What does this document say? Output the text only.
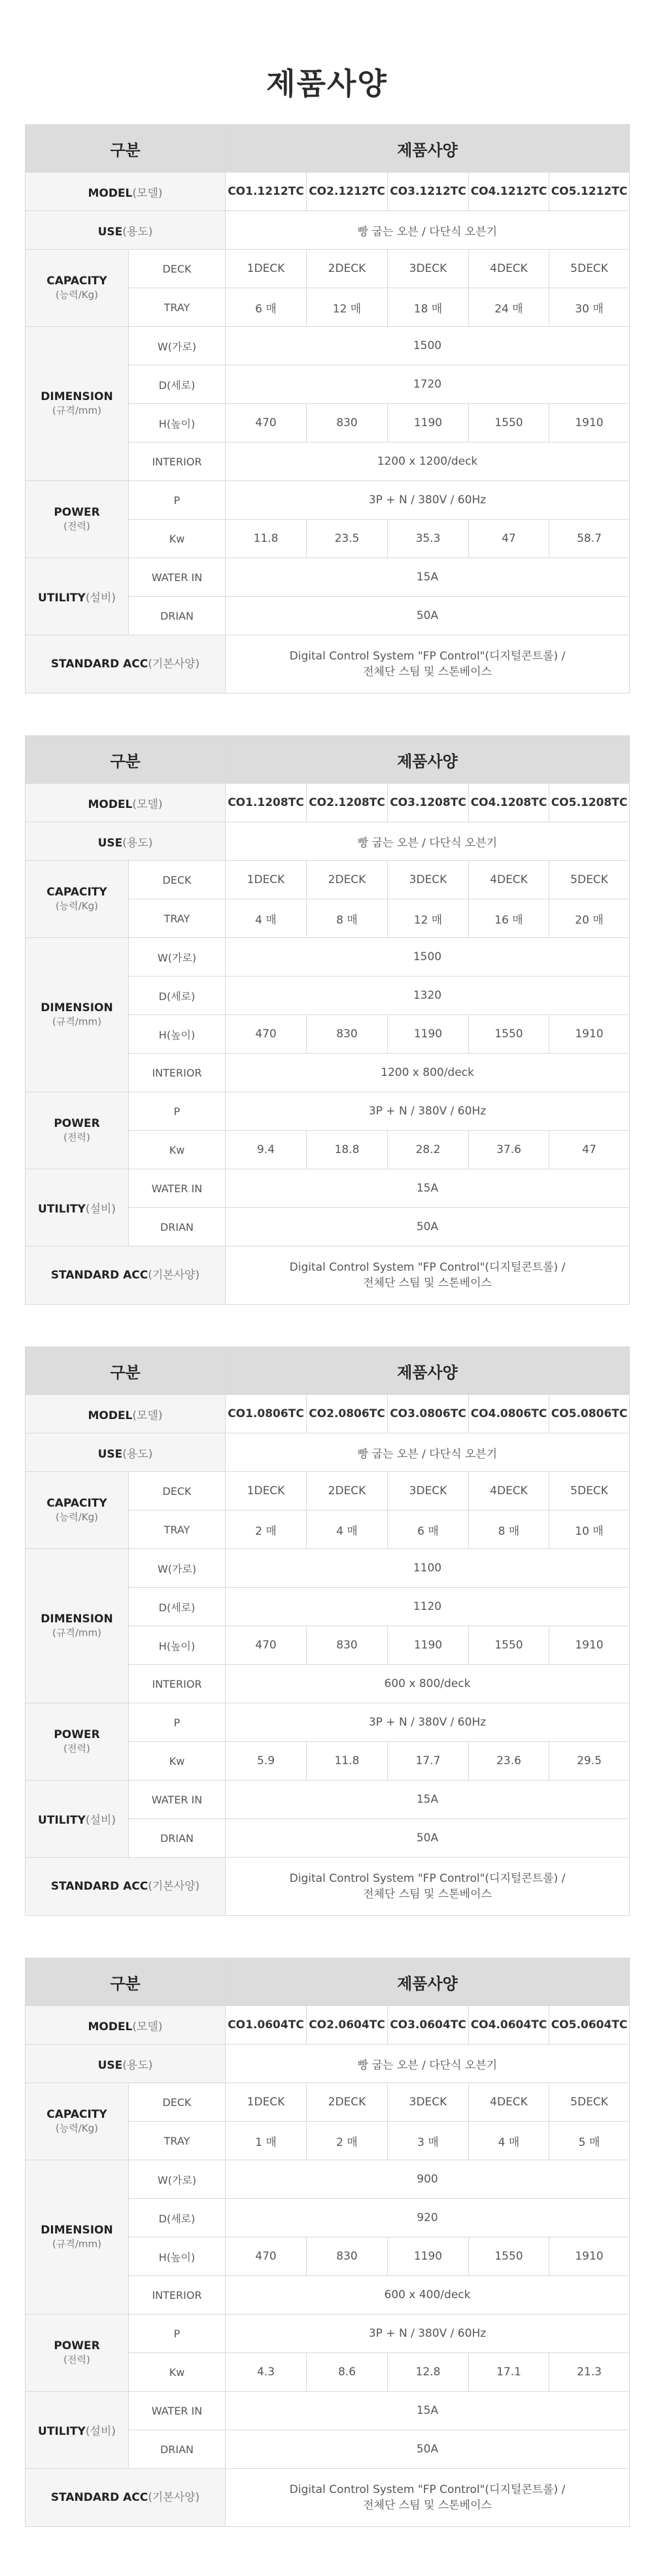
제품사양
구분		제품사양				
MODEL(모델)		CO1.1212TC	CO2.1212TC	CO3.1212TC	CO4.1212TC	CO5.1212TC
USE(용도)		빵 굽는 오븐 / 다단식 오븐기				
CAPACITY
(능력/Kg)	DECK	1DECK	2DECK	3DECK	4DECK	5DECK
	TRAY	6 매	12 매	18 매	24 매	30 매
DIMENSION
(규격/mm)	W(가로)	1500				
	D(세로)	1720				
	H(높이)	470	830	1190	1550	1910
	INTERIOR	1200 x 1200/deck				
POWER
(전력)	P	3P + N / 380V / 60Hz				
	Kw	11.8	23.5	35.3	47	58.7
UTILITY(설비)	WATER IN	15A				
	DRIAN	50A				
STANDARD ACC(기본사양)		Digital Control System "FP Control"(디지털콘트롤) /
전체단 스팀 및 스톤베이스				
구분		제품사양				
MODEL(모델)		CO1.1208TC	CO2.1208TC	CO3.1208TC	CO4.1208TC	CO5.1208TC
USE(용도)		빵 굽는 오븐 / 다단식 오븐기				
CAPACITY
(능력/Kg)	DECK	1DECK	2DECK	3DECK	4DECK	5DECK
	TRAY	4 매	8 매	12 매	16 매	20 매
DIMENSION
(규격/mm)	W(가로)	1500				
	D(세로)	1320				
	H(높이)	470	830	1190	1550	1910
	INTERIOR	1200 x 800/deck				
POWER
(전력)	P	3P + N / 380V / 60Hz				
	Kw	9.4	18.8	28.2	37.6	47
UTILITY(설비)	WATER IN	15A				
	DRIAN	50A				
STANDARD ACC(기본사양)		Digital Control System "FP Control"(디지털콘트롤) /
전체단 스팀 및 스톤베이스				
구분		제품사양				
MODEL(모델)		CO1.0806TC	CO2.0806TC	CO3.0806TC	CO4.0806TC	CO5.0806TC
USE(용도)		빵 굽는 오븐 / 다단식 오븐기				
CAPACITY
(능력/Kg)	DECK	1DECK	2DECK	3DECK	4DECK	5DECK
	TRAY	2 매	4 매	6 매	8 매	10 매
DIMENSION
(규격/mm)	W(가로)	1100				
	D(세로)	1120				
	H(높이)	470	830	1190	1550	1910
	INTERIOR	600 x 800/deck				
POWER
(전력)	P	3P + N / 380V / 60Hz				
	Kw	5.9	11.8	17.7	23.6	29.5
UTILITY(설비)	WATER IN	15A				
	DRIAN	50A				
STANDARD ACC(기본사양)		Digital Control System "FP Control"(디지털콘트롤) /
전체단 스팀 및 스톤베이스				
구분		제품사양				
MODEL(모델)		CO1.0604TC	CO2.0604TC	CO3.0604TC	CO4.0604TC	CO5.0604TC
USE(용도)		빵 굽는 오븐 / 다단식 오븐기				
CAPACITY
(능력/Kg)	DECK	1DECK	2DECK	3DECK	4DECK	5DECK
	TRAY	1 매	2 매	3 매	4 매	5 매
DIMENSION
(규격/mm)	W(가로)	900				
	D(세로)	920				
	H(높이)	470	830	1190	1550	1910
	INTERIOR	600 x 400/deck				
POWER
(전력)	P	3P + N / 380V / 60Hz				
	Kw	4.3	8.6	12.8	17.1	21.3
UTILITY(설비)	WATER IN	15A				
	DRIAN	50A				
STANDARD ACC(기본사양)		Digital Control System "FP Control"(디지털콘트롤) /
전체단 스팀 및 스톤베이스				
